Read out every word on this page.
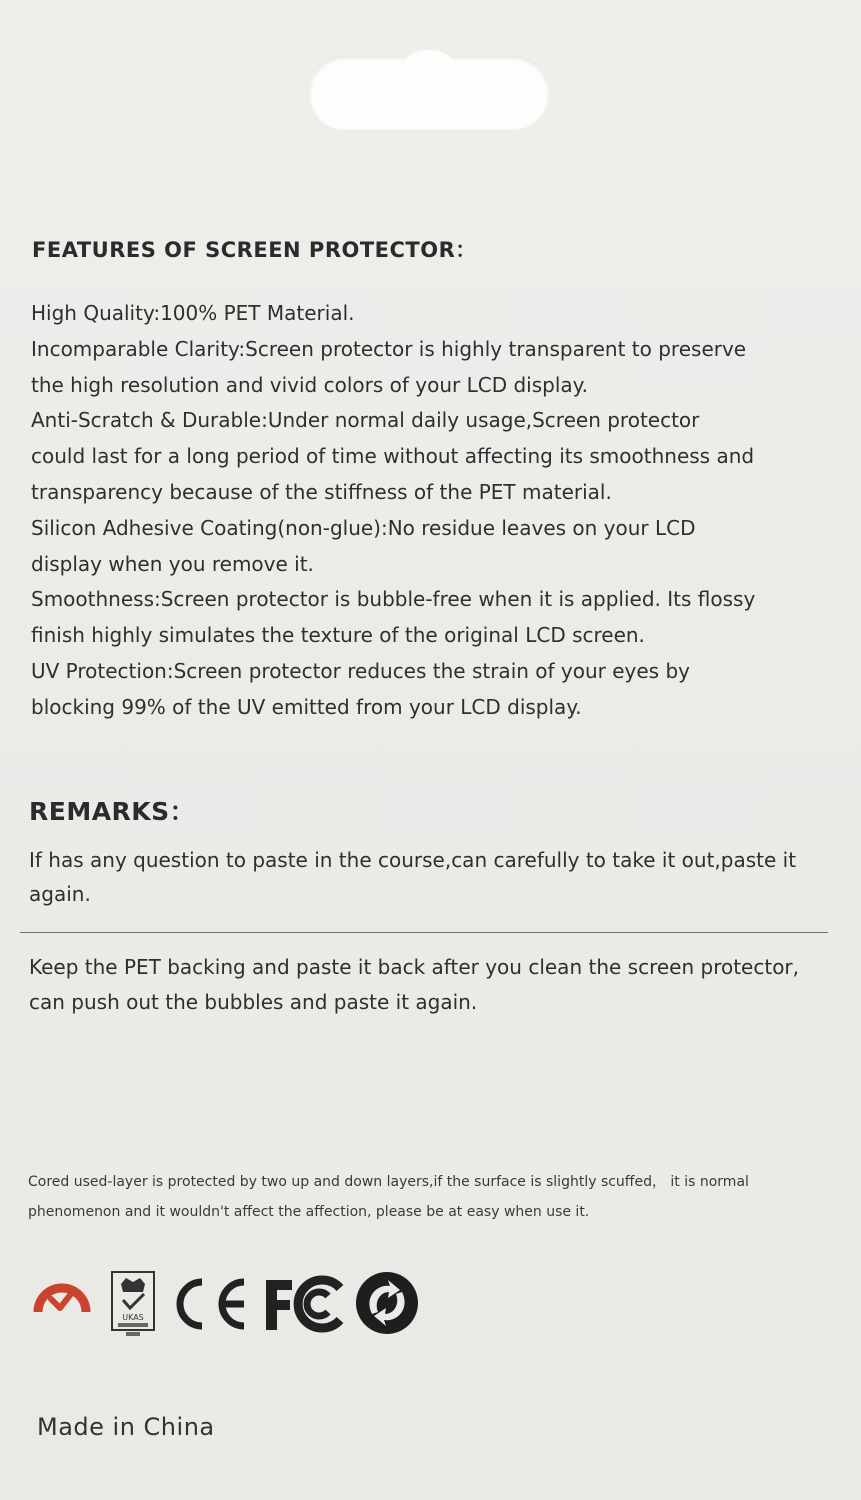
FEATURES OF SCREEN PROTECTOR：
High Quality:100% PET Material.
Incomparable Clarity:Screen protector is highly transparent to preserve
the high resolution and vivid colors of your LCD display.
Anti-Scratch & Durable:Under normal daily usage,Screen protector
could last for a long period of time without affecting its smoothness and
transparency because of the stiffness of the PET material.
Silicon Adhesive Coating(non-glue):No residue leaves on your LCD
display when you remove it.
Smoothness:Screen protector is bubble-free when it is applied. Its flossy
finish highly simulates the texture of the original LCD screen.
UV Protection:Screen protector reduces the strain of your eyes by
blocking 99% of the UV emitted from your LCD display.
REMARKS：
If has any question to paste in the course,can carefully to take it out,paste it
again.
Keep the PET backing and paste it back after you clean the screen protector,
can push out the bubbles and paste it again.
Cored used-layer is protected by two up and down layers,if the surface is slightly scuffed， it is normal
phenomenon and it wouldn't affect the affection, please be at easy when use it.
UKAS
Made in China
